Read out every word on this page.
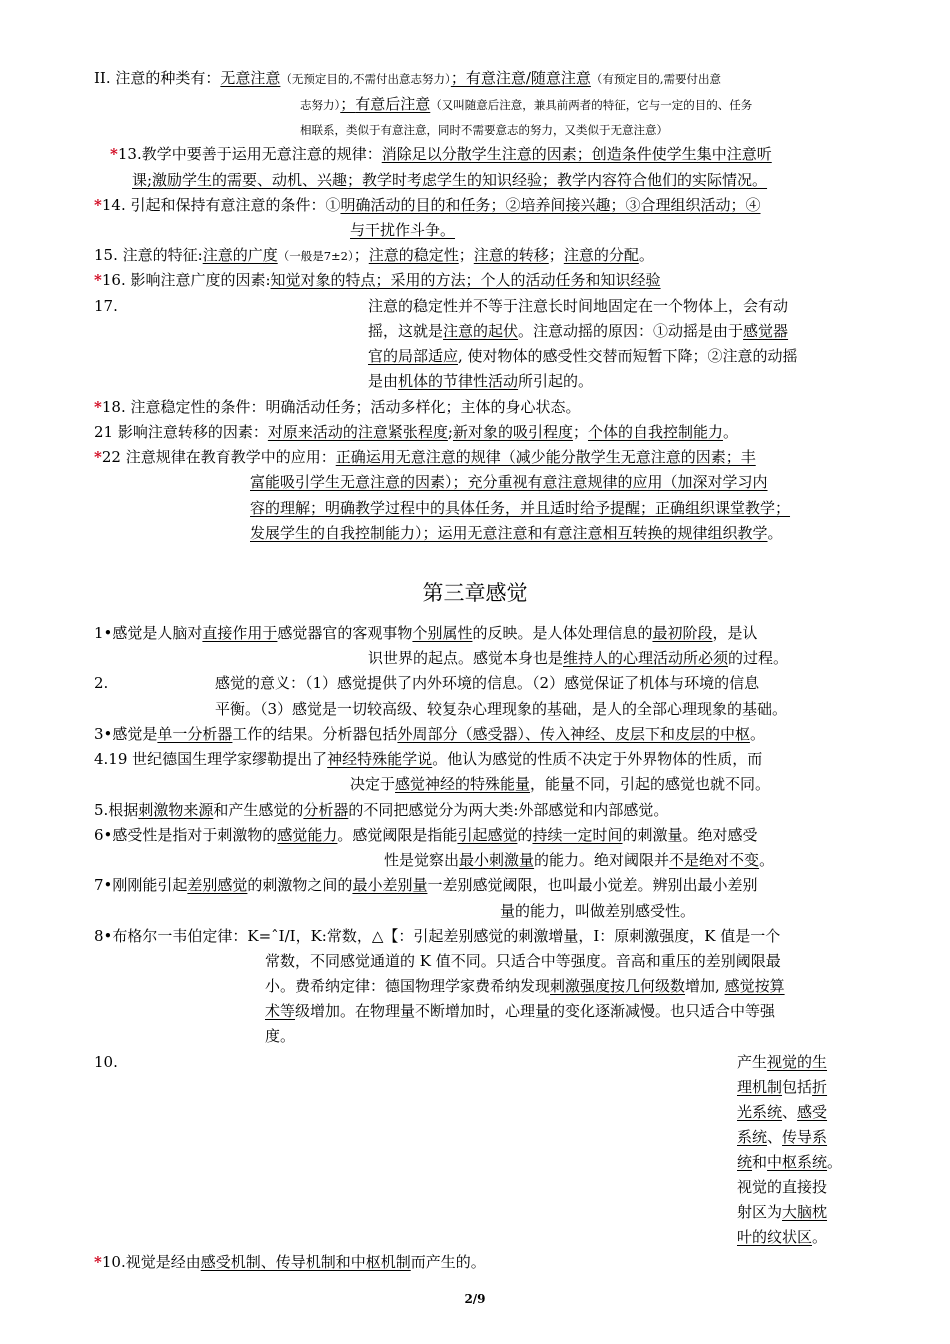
II. 注意的种类有：无意注意（无预定目的,不需付出意志努力）；有意注意/随意注意（有预定目的,需要付出意
志努力）；有意后注意（又叫随意后注意，兼具前两者的特征，它与一定的目的、任务
相联系，类似于有意注意，同时不需要意志的努力，又类似于无意注意）
*13.教学中要善于运用无意注意的规律：消除足以分散学生注意的因素；创造条件使学生集中注意听
课;激励学生的需要、动机、兴趣；教学时考虑学生的知识经验；教学内容符合他们的实际情况。
*14. 引起和保持有意注意的条件：①明确活动的目的和任务；②培养间接兴趣；③合理组织活动；④
与干扰作斗争。
15. 注意的特征:注意的广度（一般是7±2）；注意的稳定性；注意的转移；注意的分配。
*16. 影响注意广度的因素:知觉对象的特点；采用的方法；个人的活动任务和知识经验
17.	注意的稳定性并不等于注意长时间地固定在一个物体上，会有动
摇，这就是注意的起伏。注意动摇的原因：①动摇是由于感觉器
官的局部适应, 使对物体的感受性交替而短暂下降；②注意的动摇
是由机体的节律性活动所引起的。
*18. 注意稳定性的条件：明确活动任务；活动多样化；主体的身心状态。
21 影响注意转移的因素：对原来活动的注意紧张程度;新对象的吸引程度；个体的自我控制能力。
*22 注意规律在教育教学中的应用：正确运用无意注意的规律（减少能分散学生无意注意的因素；丰
富能吸引学生无意注意的因素）；充分重视有意注意规律的应用（加深对学习内
容的理解；明确教学过程中的具体任务，并且适时给予提醒；正确组织课堂教学；
发展学生的自我控制能力）；运用无意注意和有意注意相互转换的规律组织教学。
第三章感觉
1•感觉是人脑对直接作用于感觉器官的客观事物个别属性的反映。是人体处理信息的最初阶段，是认
识世界的起点。感觉本身也是维持人的心理活动所必须的过程。
2.	感觉的意义：（1）感觉提供了内外环境的信息。（2）感觉保证了机体与环境的信息
平衡。（3）感觉是一切较高级、较复杂心理现象的基础，是人的全部心理现象的基础。
3•感觉是单一分析器工作的结果。分析器包括外周部分（感受器）、传入神经、皮层下和皮层的中枢。
4.19 世纪德国生理学家缪勒提出了神经特殊能学说。他认为感觉的性质不决定于外界物体的性质，而
决定于感觉神经的特殊能量，能量不同，引起的感觉也就不同。
5.根据刺激物来源和产生感觉的分析器的不同把感觉分为两大类:外部感觉和内部感觉。
6•感受性是指对于刺激物的感觉能力。感觉阈限是指能引起感觉的持续一定时间的刺激量。绝对感受
性是觉察出最小刺激量的能力。绝对阈限并不是绝对不变。
7•刚刚能引起差别感觉的刺激物之间的最小差别量一差别感觉阈限，也叫最小觉差。辨别出最小差别
量的能力，叫做差别感受性。
8•布格尔一韦伯定律：K=ˆI/I，K:常数，△【：引起差别感觉的刺激增量，I：原刺激强度，K 值是一个
常数，不同感觉通道的 K 值不同。只适合中等强度。音高和重压的差别阈限最
小。费希纳定律：德国物理学家费希纳发现刺激强度按几何级数增加, 感觉按算
术等级增加。在物理量不断增加时，心理量的变化逐渐减慢。也只适合中等强
度。
10.	产生视觉的生
理机制包括折
光系统、感受
系统、传导系
统和中枢系统。
视觉的直接投
射区为大脑枕
叶的纹状区。
*10.视觉是经由感受机制、传导机制和中枢机制而产生的。
2/9
